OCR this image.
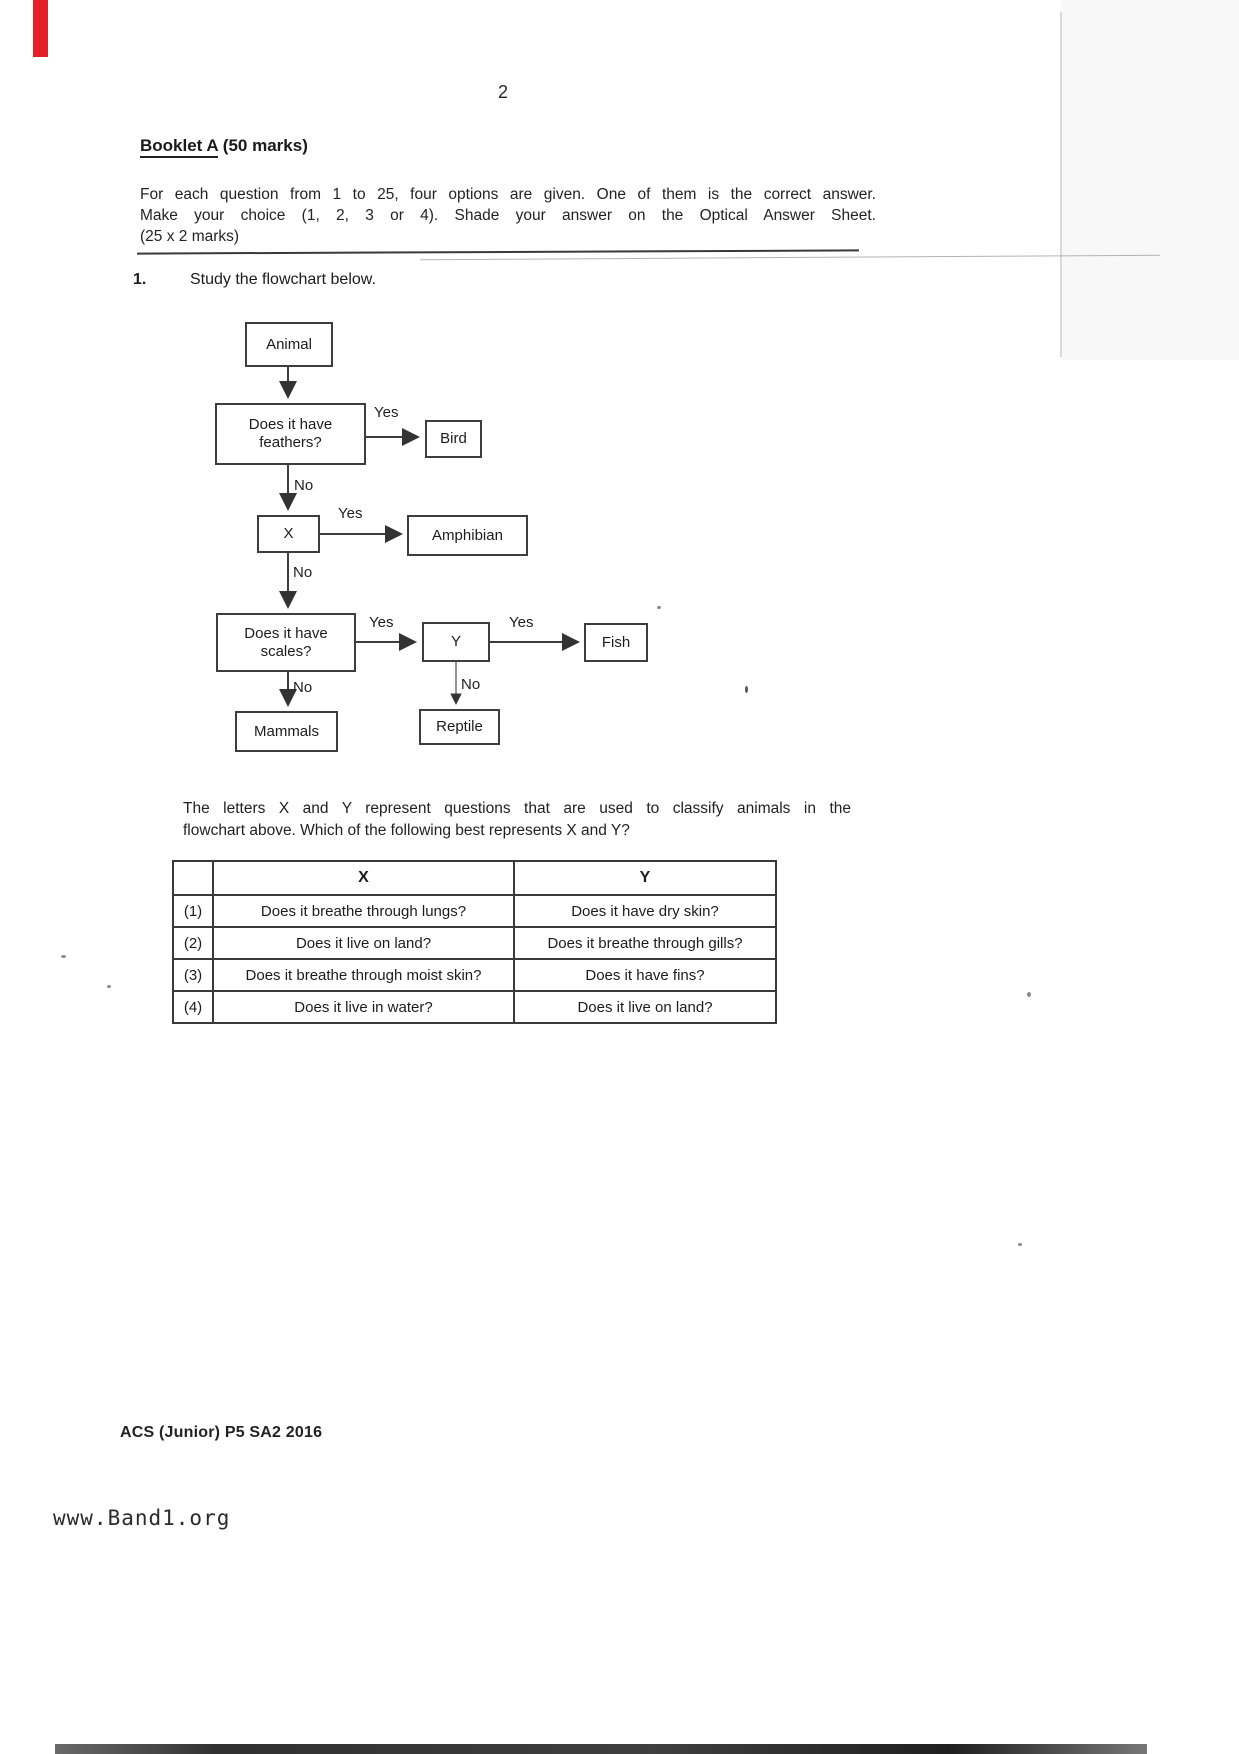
2
Booklet A (50 marks)
For each question from 1 to 25, four options are given. One of them is the correct answer.
Make your choice (1, 2, 3 or 4). Shade your answer on the Optical Answer Sheet.
(25 x 2 marks)
1.	Study the flowchart below.
Animal
Does it have feathers?	Bird
X	Amphibian
Does it have scales?
Y	Fish
Mammals	Reptile
Yes
No
Yes
No
Yes	Yes
No	No
The letters X and Y represent questions that are used to classify animals in the
flowchart above. Which of the following best represents X and Y?
	X	Y
(1)	Does it breathe through lungs?	Does it have dry skin?
(2)	Does it live on land?	Does it breathe through gills?
(3)	Does it breathe through moist skin?	Does it have fins?
(4)	Does it live in water?	Does it live on land?
ACS (Junior) P5 SA2 2016
www.Band1.org
